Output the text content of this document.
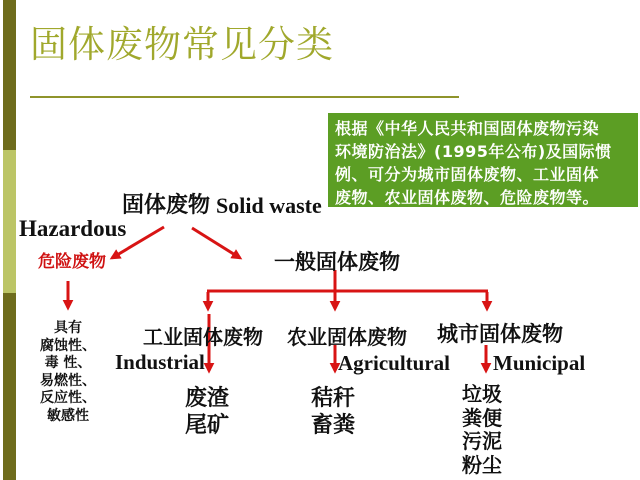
固体废物常见分类
根据《中华人民共和国固体废物污染
环境防治法》(1995年公布)及国际惯
例、可分为城市固体废物、工业固体
废物、农业固体废物、危险废物等。
固体废物 Solid waste
Hazardous
危险废物
具有
腐蚀性、
毒 性、
易燃性、
反应性、
敏感性
一般固体废物
工业固体废物 农业固体废物 城市固体废物
Industrial	Agricultural Municipal
废渣
尾矿
秸秆
畜粪
垃圾
粪便
污泥
粉尘
